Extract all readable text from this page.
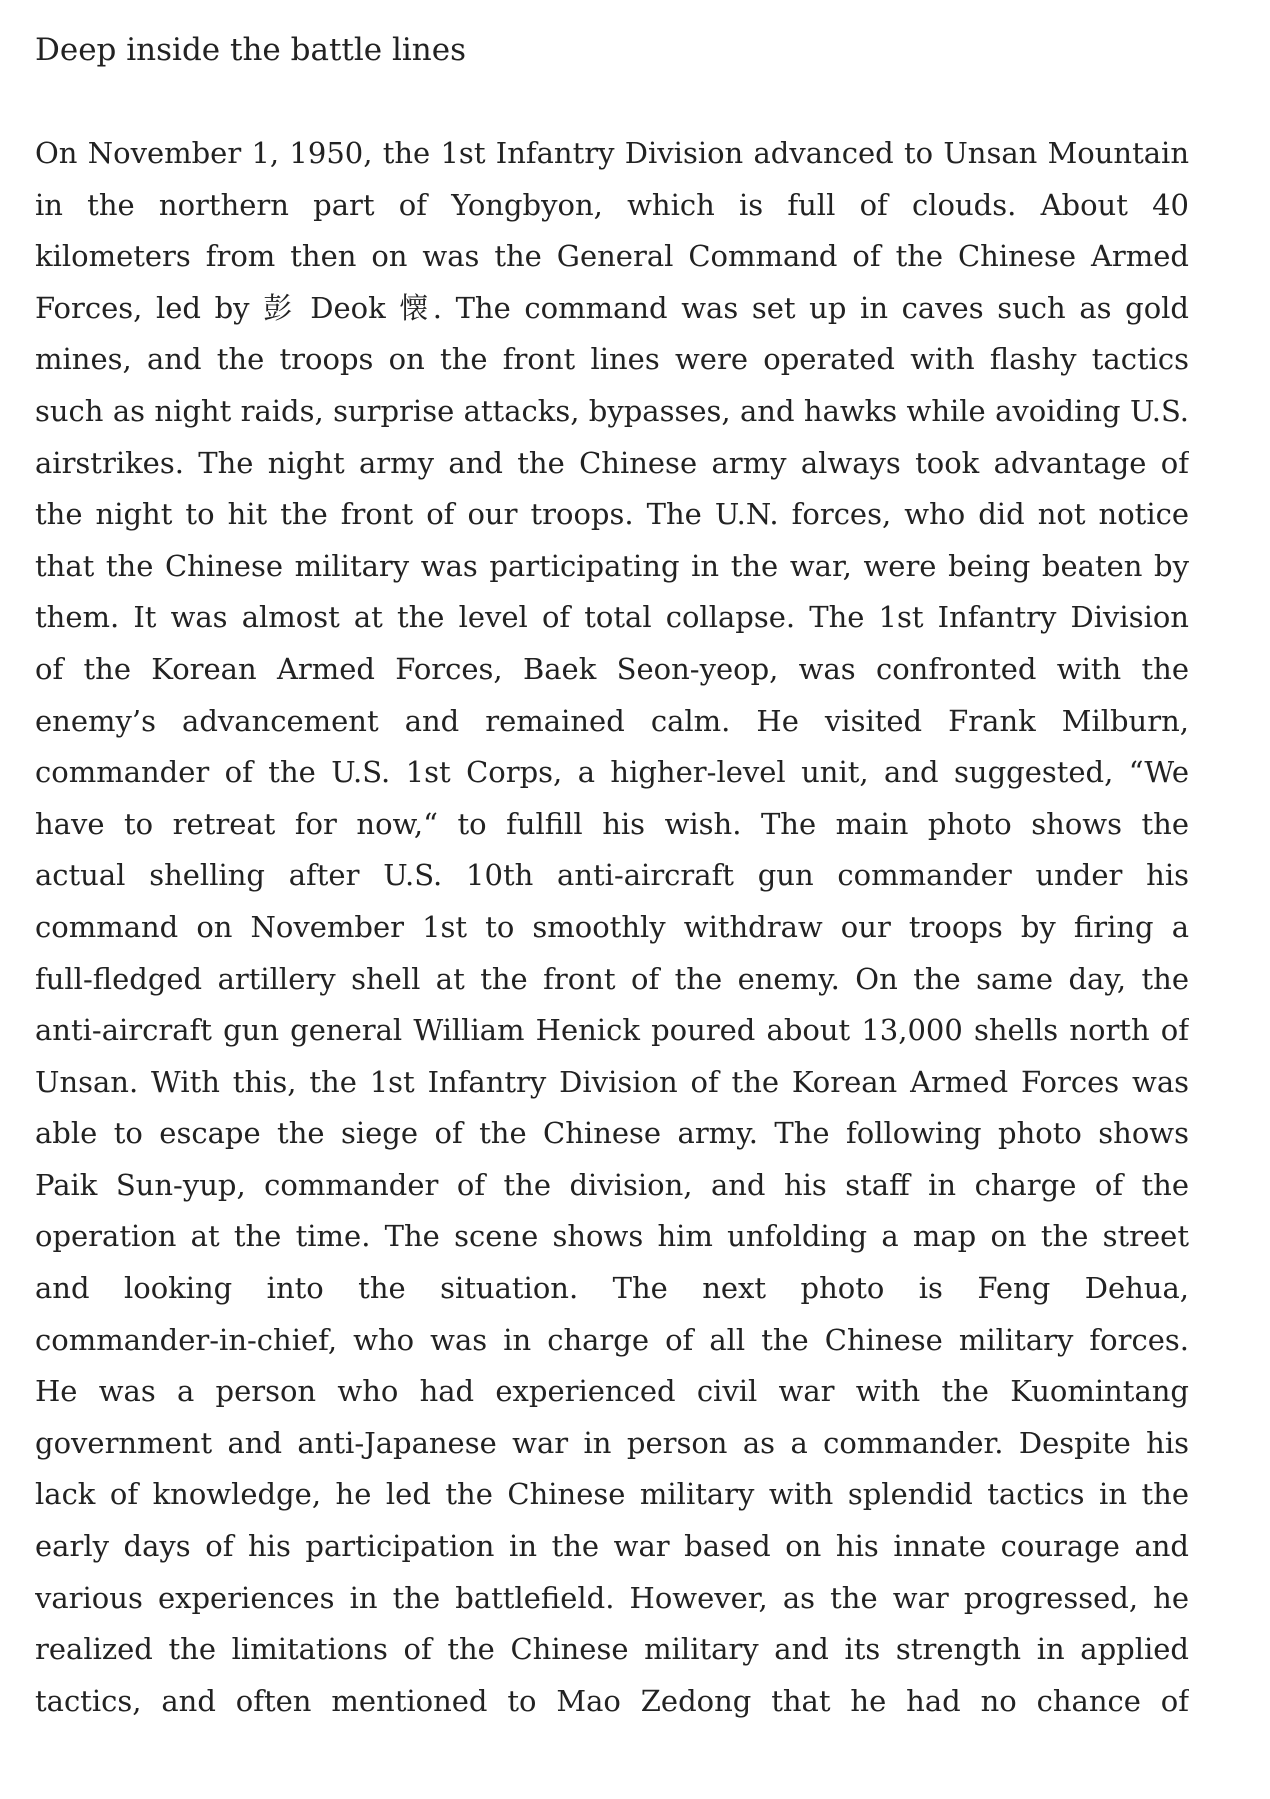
Deep inside the battle lines
On November 1, 1950, the 1st Infantry Division advanced to Unsan Mountain
in the northern part of Yongbyon, which is full of clouds. About 40
kilometers from then on was the General Command of the Chinese Armed
Forces, led by 彭 Deok 懐. The command was set up in caves such as gold
mines, and the troops on the front lines were operated with flashy tactics
such as night raids, surprise attacks, bypasses, and hawks while avoiding U.S.
airstrikes. The night army and the Chinese army always took advantage of
the night to hit the front of our troops. The U.N. forces, who did not notice
that the Chinese military was participating in the war, were being beaten by
them. It was almost at the level of total collapse. The 1st Infantry Division
of the Korean Armed Forces, Baek Seon-yeop, was confronted with the
enemy’s advancement and remained calm. He visited Frank Milburn,
commander of the U.S. 1st Corps, a higher-level unit, and suggested, “We
have to retreat for now,“ to fulfill his wish. The main photo shows the
actual shelling after U.S. 10th anti-aircraft gun commander under his
command on November 1st to smoothly withdraw our troops by firing a
full-fledged artillery shell at the front of the enemy. On the same day, the
anti-aircraft gun general William Henick poured about 13,000 shells north of
Unsan. With this, the 1st Infantry Division of the Korean Armed Forces was
able to escape the siege of the Chinese army. The following photo shows
Paik Sun-yup, commander of the division, and his staff in charge of the
operation at the time. The scene shows him unfolding a map on the street
and looking into the situation. The next photo is Feng Dehua,
commander-in-chief, who was in charge of all the Chinese military forces.
He was a person who had experienced civil war with the Kuomintang
government and anti-Japanese war in person as a commander. Despite his
lack of knowledge, he led the Chinese military with splendid tactics in the
early days of his participation in the war based on his innate courage and
various experiences in the battlefield. However, as the war progressed, he
realized the limitations of the Chinese military and its strength in applied
tactics, and often mentioned to Mao Zedong that he had no chance of
